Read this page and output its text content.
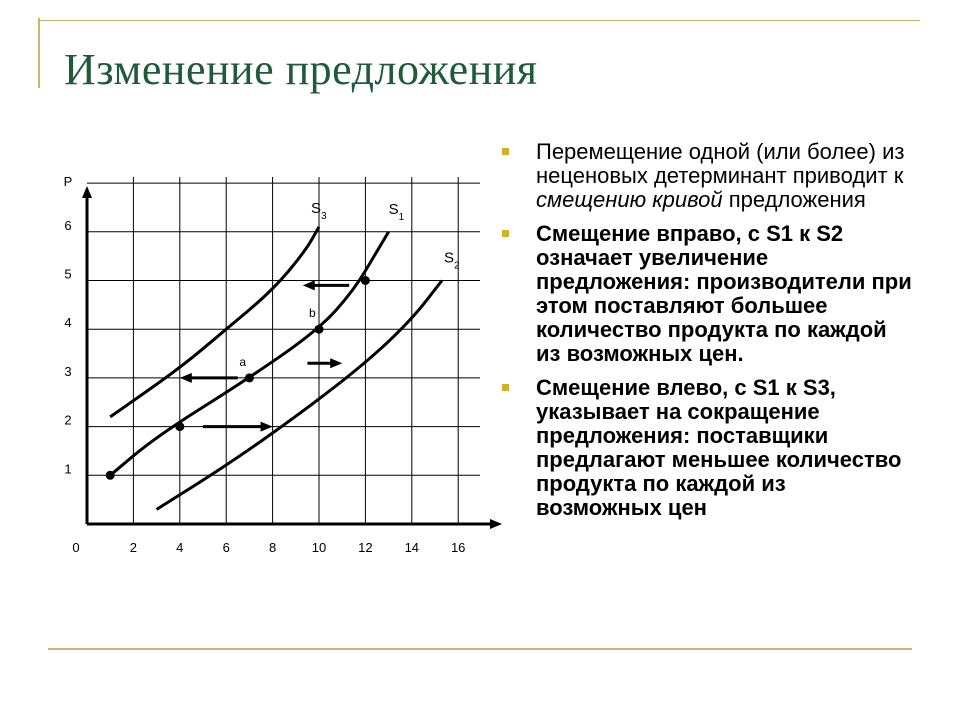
Изменение предложения
0	2	4	6	8	10 12 14 16
1
2
3
4
5
6
P
$S_3$	$S_1$
$S_2$
a
b
Перемещение одной (или более) из неценовых детерминант приводит к смещению кривой предложения
Смещение вправо, с S1 к S2 означает увеличение предложения: производители при этом поставляют большее количество продукта по каждой из возможных цен.
Смещение влево, с S1 к S3, указывает на сокращение предложения: поставщики предлагают меньшее количество продукта по каждой из возможных цен
